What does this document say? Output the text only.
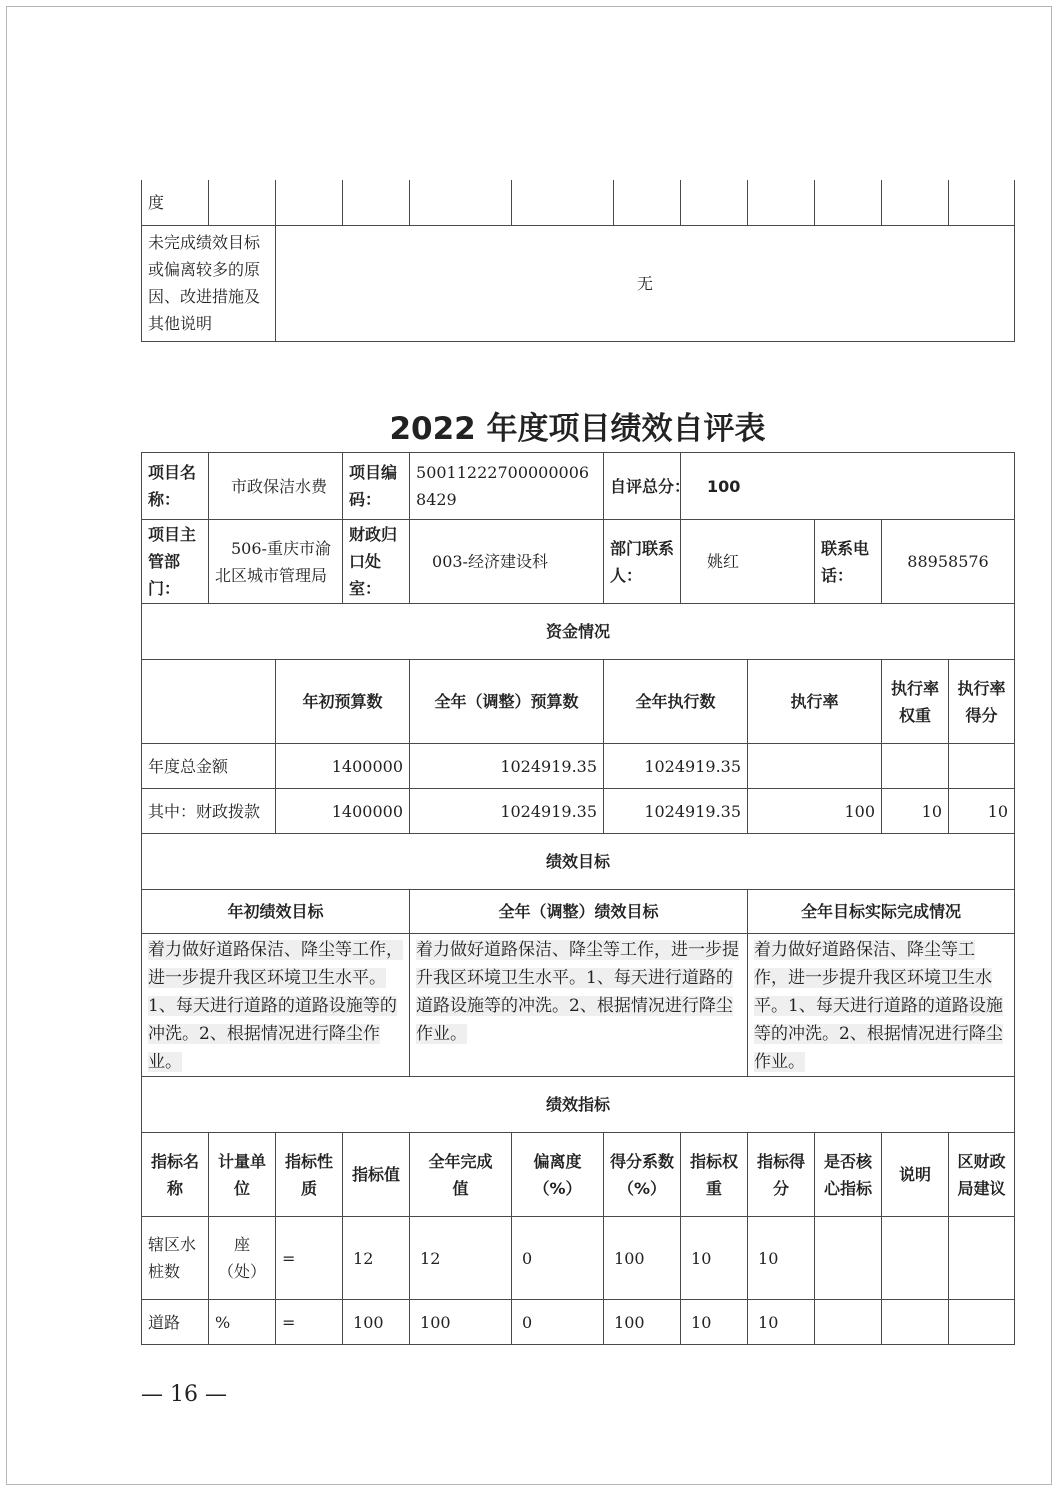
度											
未完成绩效目标或偏离较多的原因、改进措施及其他说明		无									
2022 年度项目绩效自评表
项目名称：	市政保洁水费		项目编码：	500112227000000068429		自评总分：	100				
项目主管部门：	506-重庆市渝北区城市管理局		财政归口处室：	003-经济建设科		部门联系人：	姚红		联系电话：	88958576	
资金情况											
		年初预算数		全年（调整）预算数		全年执行数		执行率		执行率权重	执行率得分
年度总金额		1400000		1024919.35		1024919.35					
其中：财政拨款		1400000		1024919.35		1024919.35		100		10	10
绩效目标											
年初绩效目标				全年（调整）绩效目标				全年目标实际完成情况			
着力做好道路保洁、降尘等工作，进一步提升我区环境卫生水平。1、每天进行道路的道路设施等的冲洗。2、根据情况进行降尘作业。				着力做好道路保洁、降尘等工作，进一步提升我区环境卫生水平。1、每天进行道路的道路设施等的冲洗。2、根据情况进行降尘作业。				着力做好道路保洁、降尘等工作，进一步提升我区环境卫生水平。1、每天进行道路的道路设施等的冲洗。2、根据情况进行降尘作业。			
绩效指标											
指标名称	计量单位	指标性质	指标值	全年完成值	偏离度（%）	得分系数（%）	指标权重	指标得分	是否核心指标	说明	区财政局建议
辖区水桩数	座（处）	=	12	12	0	100	10	10			
道路	%	=	100	100	0	100	10	10			
— 16 —
